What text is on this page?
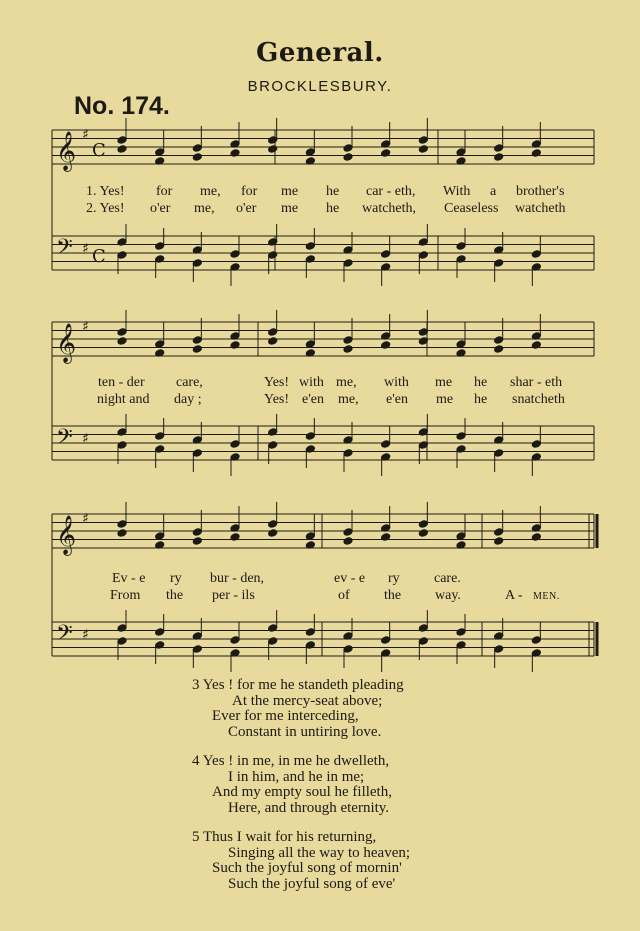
General.
BROCKLESBURY.
No. 174.
𝄞 ♯
C
𝄢 ♯ C
𝄞 ♯
𝄢 ♯
𝄞 ♯
𝄢 ♯
1. Yes! for me, for me he car - eth, With a brother's
2. Yes! o'er me, o'er me he watcheth, Ceaseless watcheth
ten - der care,	Yes! with me, with me he shar - eth
night and day ;	Yes! e'en me, e'en me he snatcheth
Ev - e ry bur - den,	ev - e ry care.
From the per - ils	of the way.	A - MEN.
3 Yes ! for me he standeth pleading
At the mercy-seat above;
Ever for me interceding,
Constant in untiring love.
4 Yes ! in me, in me he dwelleth,
I in him, and he in me;
And my empty soul he filleth,
Here, and through eternity.
5 Thus I wait for his returning,
Singing all the way to heaven;
Such the joyful song of mornin'
Such the joyful song of eve'
